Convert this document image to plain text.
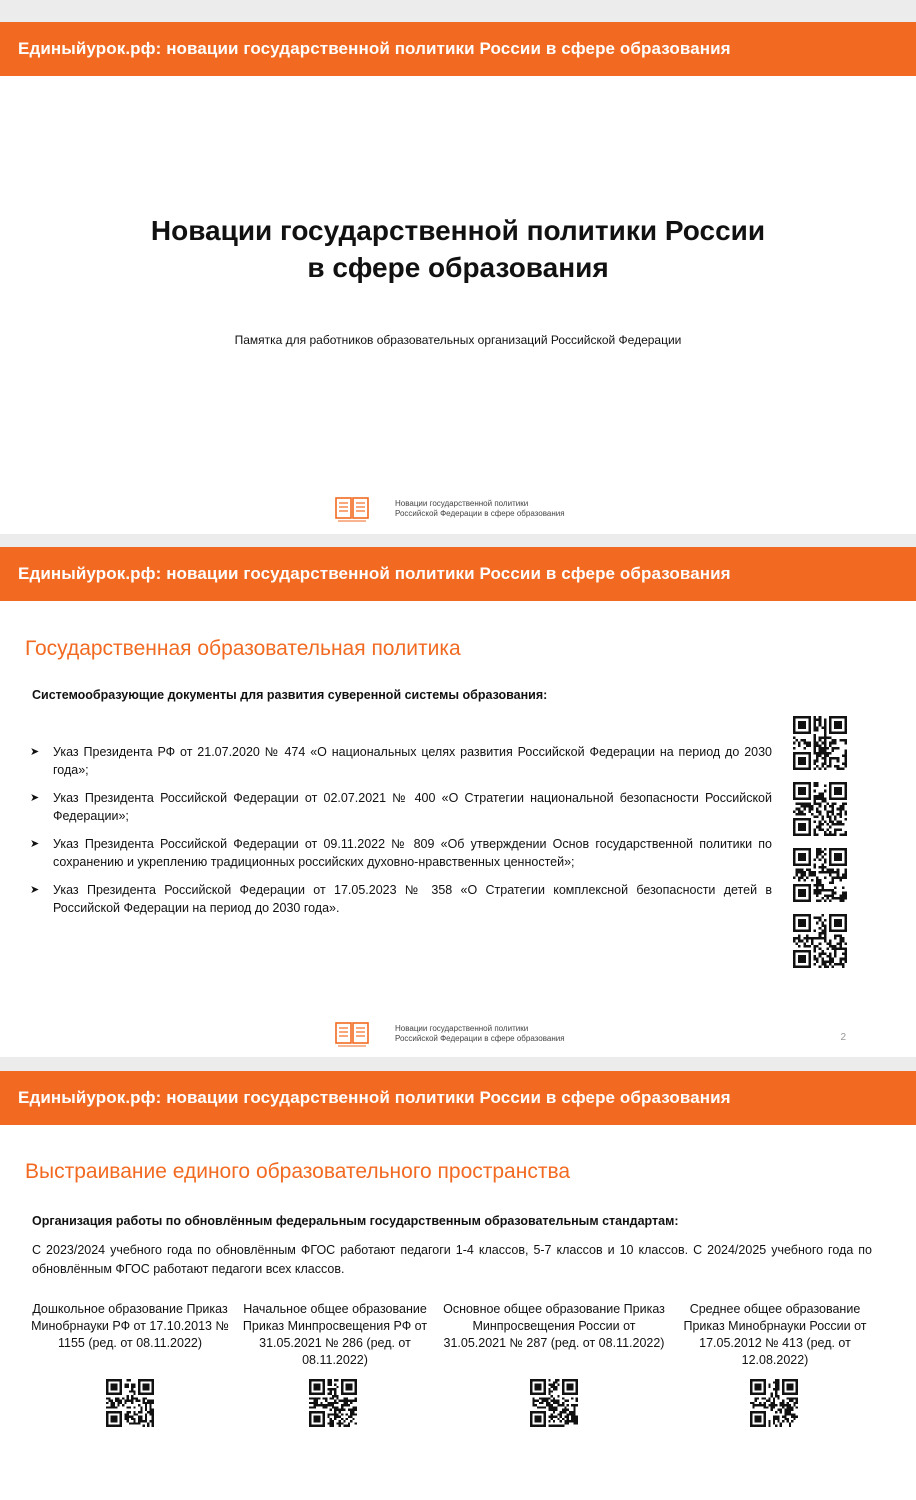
Единыйурок.рф: новации государственной политики России в сфере образования
Новации государственной политики России
в сфере образования
Памятка для работников образовательных организаций Российской Федерации
Новации государственной политики
Российской Федерации в сфере образования
Единыйурок.рф: новации государственной политики России в сфере образования
Государственная образовательная политика
Системообразующие документы для развития суверенной системы образования:
➤ Указ Президента РФ от 21.07.2020 № 474 «О национальных целях развития Российской Федерации на период до 2030 года»;
➤ Указ Президента Российской Федерации от 02.07.2021 № 400 «О Стратегии национальной безопасности Российской Федерации»;
➤ Указ Президента Российской Федерации от 09.11.2022 № 809 «Об утверждении Основ государственной политики по сохранению и укреплению традиционных российских духовно-нравственных ценностей»;
➤ Указ Президента Российской Федерации от 17.05.2023 № 358 «О Стратегии комплексной безопасности детей в Российской Федерации на период до 2030 года».

Новации государственной политики
Российской Федерации в сфере образования	2
Единыйурок.рф: новации государственной политики России в сфере образования
Выстраивание единого образовательного пространства
Организация работы по обновлённым федеральным государственным образовательным стандартам:
С 2023/2024 учебного года по обновлённым ФГОС работают педагоги 1-4 классов, 5-7 классов и 10 классов. С 2024/2025 учебного года по обновлённым ФГОС работают педагоги всех классов.
Дошкольное образование Приказ Минобрнауки РФ от 17.10.2013 № 1155 (ред. от 08.11.2022)
Начальное общее образование Приказ Минпросвещения РФ от 31.05.2021 № 286 (ред. от 08.11.2022)
Основное общее образование Приказ Минпросвещения России от 31.05.2021 № 287 (ред. от 08.11.2022)
Среднее общее образование Приказ Минобрнауки России от 17.05.2012 № 413 (ред. от 12.08.2022)
